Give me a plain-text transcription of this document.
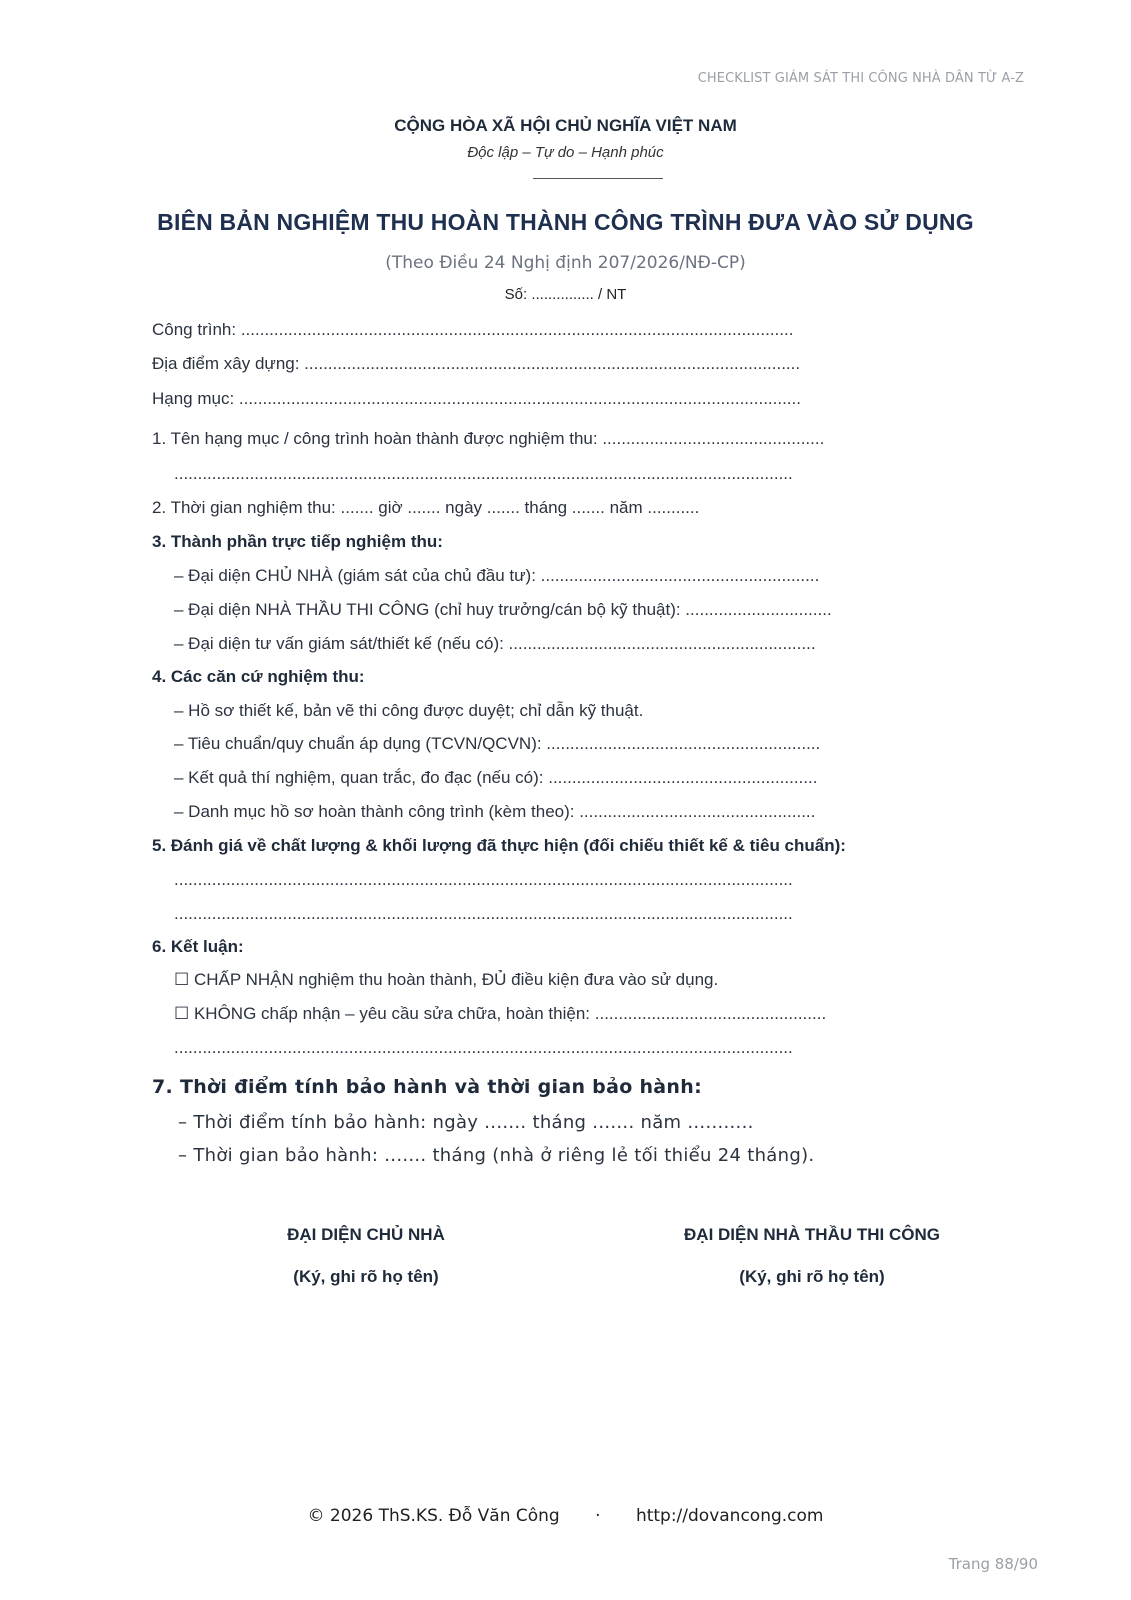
CHECKLIST GIÁM SÁT THI CÔNG NHÀ DÂN TỪ A-Z
CỘNG HÒA XÃ HỘI CHỦ NGHĨA VIỆT NAM
Độc lập – Tự do – Hạnh phúc
BIÊN BẢN NGHIỆM THU HOÀN THÀNH CÔNG TRÌNH ĐƯA VÀO SỬ DỤNG
(Theo Điều 24 Nghị định 207/2026/NĐ-CP)
Số: ............... / NT
Công trình: .....................................................................................................................
Địa điểm xây dựng: .........................................................................................................
Hạng mục: .......................................................................................................................
1. Tên hạng mục / công trình hoàn thành được nghiệm thu: ...............................................
...................................................................................................................................
2. Thời gian nghiệm thu: ....... giờ ....... ngày ....... tháng ....... năm ...........
3. Thành phần trực tiếp nghiệm thu:
– Đại diện CHỦ NHÀ (giám sát của chủ đầu tư): ...........................................................
– Đại diện NHÀ THẦU THI CÔNG (chỉ huy trưởng/cán bộ kỹ thuật): ...............................
– Đại diện tư vấn giám sát/thiết kế (nếu có): .................................................................
4. Các căn cứ nghiệm thu:
– Hồ sơ thiết kế, bản vẽ thi công được duyệt; chỉ dẫn kỹ thuật.
– Tiêu chuẩn/quy chuẩn áp dụng (TCVN/QCVN): ..........................................................
– Kết quả thí nghiệm, quan trắc, đo đạc (nếu có): .........................................................
– Danh mục hồ sơ hoàn thành công trình (kèm theo): ..................................................
5. Đánh giá về chất lượng & khối lượng đã thực hiện (đối chiếu thiết kế & tiêu chuẩn):
...................................................................................................................................
...................................................................................................................................
6. Kết luận:
☐ CHẤP NHẬN nghiệm thu hoàn thành, ĐỦ điều kiện đưa vào sử dụng.
☐ KHÔNG chấp nhận – yêu cầu sửa chữa, hoàn thiện: .................................................
...................................................................................................................................
7. Thời điểm tính bảo hành và thời gian bảo hành:
– Thời điểm tính bảo hành: ngày ....... tháng ....... năm ...........
– Thời gian bảo hành: ....... tháng (nhà ở riêng lẻ tối thiểu 24 tháng).
ĐẠI DIỆN CHỦ NHÀ
(Ký, ghi rõ họ tên)
ĐẠI DIỆN NHÀ THẦU THI CÔNG
(Ký, ghi rõ họ tên)
© 2026 ThS.KS. Đỗ Văn Công · http://dovancong.com
Trang 88/90
